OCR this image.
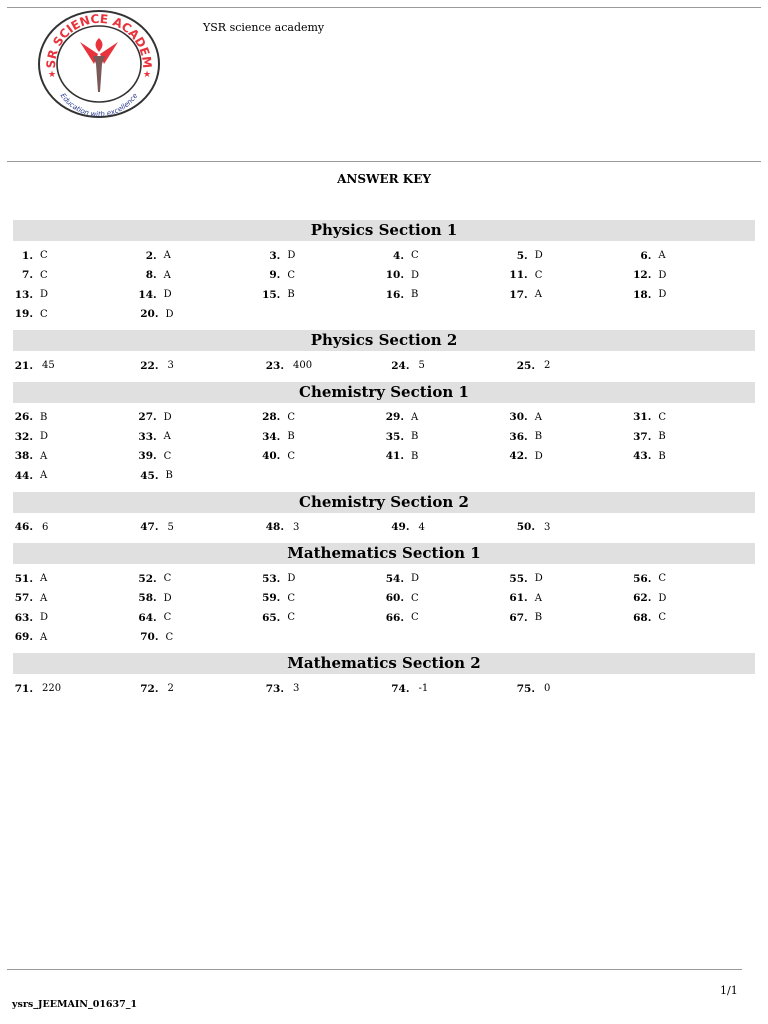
SR SCIENCE ACADEM
Education with excellence
★	★
YSR science academy
ANSWER KEY
Physics Section 1
1. C	2. A	3. D	4. C	5. D	6. A
7. C	8. A	9. C	10. D	11. C	12. D
13. D	14. D	15. B	16. B	17. A	18. D
19. C	20. D
Physics Section 2
21. 45	22. 3	23. 400	24. 5	25. 2
Chemistry Section 1
26. B	27. D	28. C	29. A	30. A	31. C
32. D	33. A	34. B	35. B	36. B	37. B
38. A	39. C	40. C	41. B	42. D	43. B
44. A	45. B
Chemistry Section 2
46. 6	47. 5	48. 3	49. 4	50. 3
Mathematics Section 1
51. A	52. C	53. D	54. D	55. D	56. C
57. A	58. D	59. C	60. C	61. A	62. D
63. D	64. C	65. C	66. C	67. B	68. C
69. A	70. C
Mathematics Section 2
71. 220	72. 2	73. 3	74. -1	75. 0
1/1
ysrs_JEEMAIN_01637_1
